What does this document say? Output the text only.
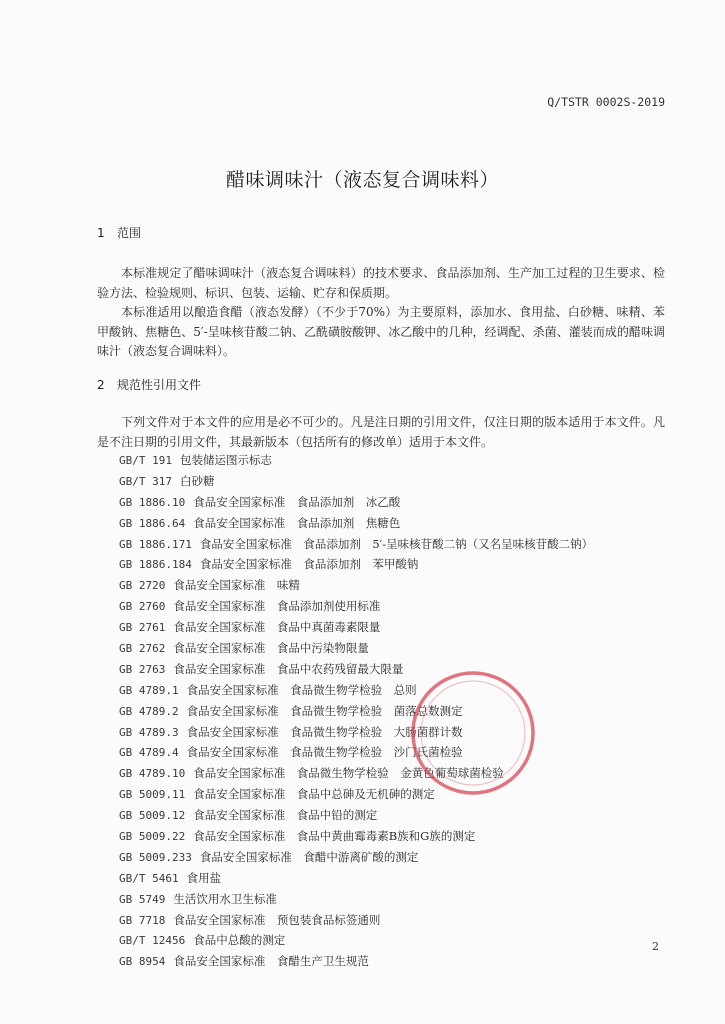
Q/TSTR 0002S-2019
醋味调味汁（液态复合调味料）
1 范围

本标准规定了醋味调味汁（液态复合调味料）的技术要求、食品添加剂、生产加工过程的卫生要求、检验方法、检验规则、标识、包装、运输、贮存和保质期。

本标准适用以酿造食醋（液态发酵）（不少于70%）为主要原料，添加水、食用盐、白砂糖、味精、苯甲酸钠、焦糖色、5′-呈味核苷酸二钠、乙酰磺胺酸钾、冰乙酸中的几种，经调配、杀菌、灌装而成的醋味调味汁（液态复合调味料）。

2 规范性引用文件

下列文件对于本文件的应用是必不可少的。凡是注日期的引用文件，仅注日期的版本适用于本文件。凡是不注日期的引用文件，其最新版本（包括所有的修改单）适用于本文件。

GB/T 191 包装储运图示标志
GB/T 317 白砂糖
GB 1886.10 食品安全国家标准　食品添加剂　冰乙酸
GB 1886.64 食品安全国家标准　食品添加剂　焦糖色
GB 1886.171 食品安全国家标准　食品添加剂　5′-呈味核苷酸二钠（又名呈味核苷酸二钠）
GB 1886.184 食品安全国家标准　食品添加剂　苯甲酸钠
GB 2720 食品安全国家标准　味精
GB 2760 食品安全国家标准　食品添加剂使用标准
GB 2761 食品安全国家标准　食品中真菌毒素限量
GB 2762 食品安全国家标准　食品中污染物限量
GB 2763 食品安全国家标准　食品中农药残留最大限量
GB 4789.1 食品安全国家标准　食品微生物学检验　总则
GB 4789.2 食品安全国家标准　食品微生物学检验　菌落总数测定
GB 4789.3 食品安全国家标准　食品微生物学检验　大肠菌群计数
GB 4789.4 食品安全国家标准　食品微生物学检验　沙门氏菌检验
GB 4789.10 食品安全国家标准　食品微生物学检验　金黄色葡萄球菌检验
GB 5009.11 食品安全国家标准　食品中总砷及无机砷的测定
GB 5009.12 食品安全国家标准　食品中铅的测定
GB 5009.22 食品安全国家标准　食品中黄曲霉毒素B族和G族的测定
GB 5009.233 食品安全国家标准　食醋中游离矿酸的测定
GB/T 5461 食用盐
GB 5749 生活饮用水卫生标准
GB 7718 食品安全国家标准　预包装食品标签通则
GB/T 12456 食品中总酸的测定
GB 8954 食品安全国家标准　食醋生产卫生规范
2
